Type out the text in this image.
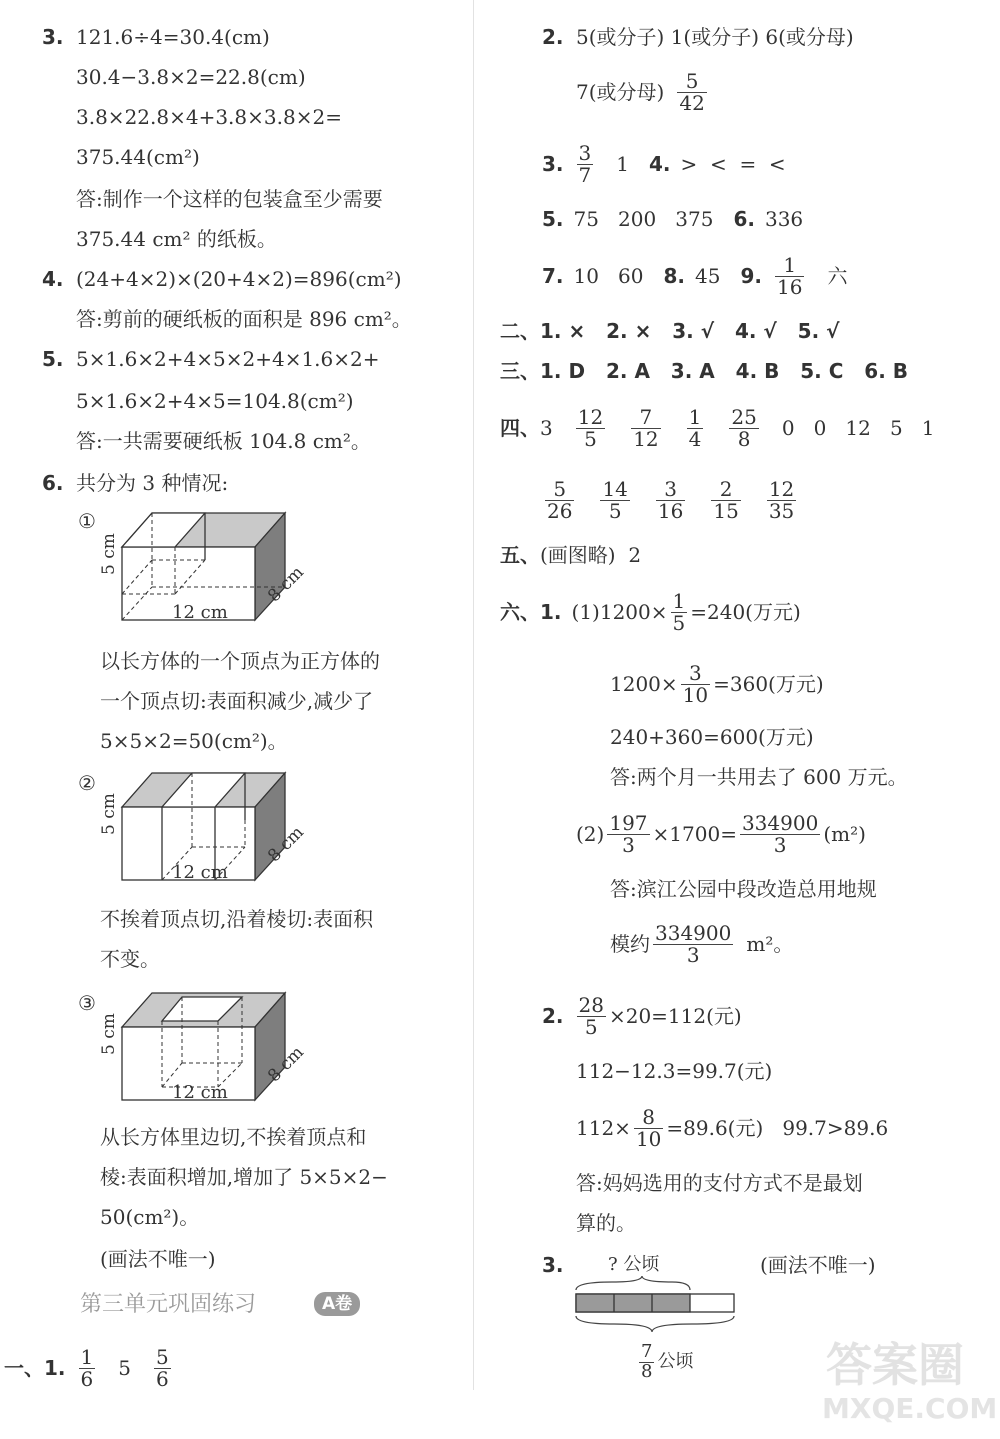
3. 121.6÷4=30.4(cm)
30.4−3.8×2=22.8(cm)
3.8×22.8×4+3.8×3.8×2=
375.44(cm²)
答:制作一个这样的包装盒至少需要
375.44 cm² 的纸板。
4. (24+4×2)×(20+4×2)=896(cm²)
答:剪前的硬纸板的面积是 896 cm²。
5. 5×1.6×2+4×5×2+4×1.6×2+
5×1.6×2+4×5=104.8(cm²)
答:一共需要硬纸板 104.8 cm²。
6. 共分为 3 种情况:
①
5 cm
12 cm
8 cm
以长方体的一个顶点为正方体的
一个顶点切:表面积减少,减少了
5×5×2=50(cm²)。
②
5 cm
12 cm
8 cm
不挨着顶点切,沿着棱切:表面积
不变。
③
5 cm
12 cm
8 cm
从长方体里边切,不挨着顶点和
棱:表面积增加,增加了 5×5×2−
50(cm²)。
(画法不唯一)
第三单元巩固练习	A卷
一、1. $\frac{1}{6} 5 \frac{5}{6}$
2. 5(或分子) 1(或分子) 6(或分母)
7(或分母) $\frac{5}{42}$
3. $\frac{3}{7} 1$ 4. >  <  =  <
5. 75   200   375 6. 336
7. 10   60 8. 45 9. $\frac{1}{16}$ 六
二、1. ×   2. ×   3. √   4. √   5. √
三、1. D   2. A   3. A   4. B   5. C   6. B
四、 $3 \frac{12}{5} \frac{7}{12} \frac{1}{4} \frac{25}{8} 0$   0   12   5   1
$\frac{5}{26} \frac{14}{5} \frac{3}{16} \frac{2}{15} \frac{12}{35}$
五、(画图略)  2
六、1. $(1)1200\times \frac{1}{5} =240$(万元)
$1200\times \frac{3}{10} =360$(万元)
240+360=600(万元)
答:两个月一共用去了 600 万元。
$(2) \frac{197}{3} \times 1700= \frac{334900}{3} (m^2)$
答:滨江公园中段改造总用地规
模约 $\frac{334900}{3} m^2$。
2. $\frac{28}{5} \times 20=112$(元)
112−12.3=99.7(元)
$112\times \frac{8}{10} =89.6$(元)   99.7>89.6
答:妈妈选用的支付方式不是最划
算的。
3. ? 公顷	(画法不唯一)
$\frac{7}{8}$ 公顷	答案圈
MXQE.COM
